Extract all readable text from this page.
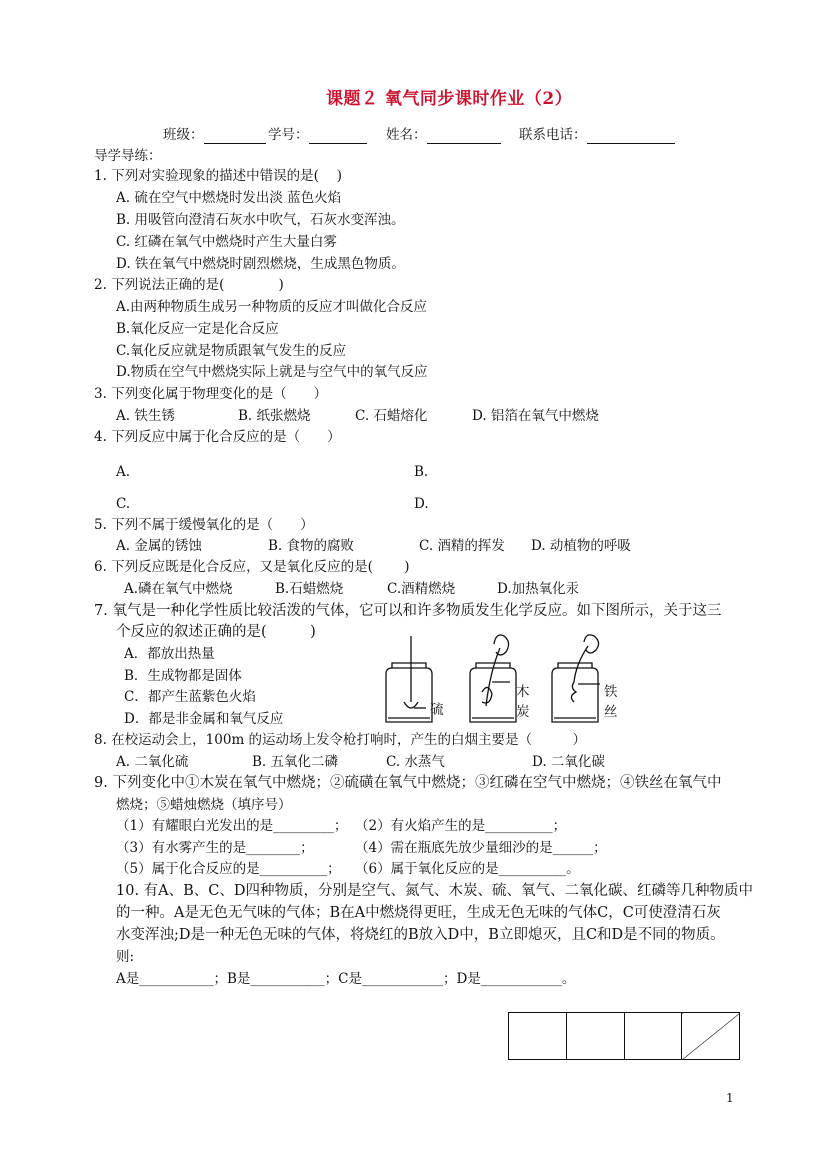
课题２ 氧气同步课时作业（2）
班级：	学号：	姓名：	联系电话：
导学导练：
1. 下列对实验现象的描述中错误的是(　 )
A. 硫在空气中燃烧时发出淡 蓝色火焰
B. 用吸管向澄清石灰水中吹气，石灰水变浑浊。
C. 红磷在氧气中燃烧时产生大量白雾
D. 铁在氧气中燃烧时剧烈燃烧，生成黑色物质。
2. 下列说法正确的是(　　　　)
A.由两种物质生成另一种物质的反应才叫做化合反应
B.氧化反应一定是化合反应
C.氧化反应就是物质跟氧气发生的反应
D.物质在空气中燃烧实际上就是与空气中的氧气反应
3. 下列变化属于物理变化的是（　　）
A. 铁生锈	B. 纸张燃烧	C. 石蜡熔化	D. 铝箔在氧气中燃烧
4. 下列反应中属于化合反应的是（　　）
A.	B.
C.	D.
5. 下列不属于缓慢氧化的是（　　）
A. 金属的锈蚀	B. 食物的腐败	C. 酒精的挥发 D. 动植物的呼吸
6. 下列反应既是化合反应，又是氧化反应的是(　　 )
A.磷在氧气中燃烧	B.石蜡燃烧	C.酒精燃烧	D.加热氧化汞
7. 氧气是一种化学性质比较活泼的气体，它可以和许多物质发生化学反应。如下图所示，关于这三
个反应的叙述正确的是(　　　)
A．都放出热量
B．生成物都是固体
C．都产生蓝紫色火焰
D．都是非金属和氧气反应
硫
木
炭
铁
丝
8. 在校运动会上，100m 的运动场上发令枪打响时，产生的白烟主要是（　　　）
A. 二氧化硫	B. 五氧化二磷	C. 水蒸气	D. 二氧化碳
9. 下列变化中①木炭在氧气中燃烧；②硫磺在氧气中燃烧；③红磷在空气中燃烧；④铁丝在氧气中
燃烧；⑤蜡烛燃烧（填序号）
（1）有耀眼白光发出的是_________； （2）有火焰产生的是__________；
（3）有水雾产生的是________；	（4）需在瓶底先放少量细沙的是______；
（5）属于化合反应的是__________； （6）属于氧化反应的是__________。
10. 有A、B、C、D四种物质，分别是空气、氮气、木炭、硫、氧气、二氧化碳、红磷等几种物质中
的一种。A是无色无气味的气体；B在A中燃烧得更旺，生成无色无味的气体C，C可使澄清石灰
水变浑浊;D是一种无色无味的气体，将烧红的B放入D中，B立即熄灭，且C和D是不同的物质。
则:
A是___________；B是___________；C是____________；D是____________。

1
